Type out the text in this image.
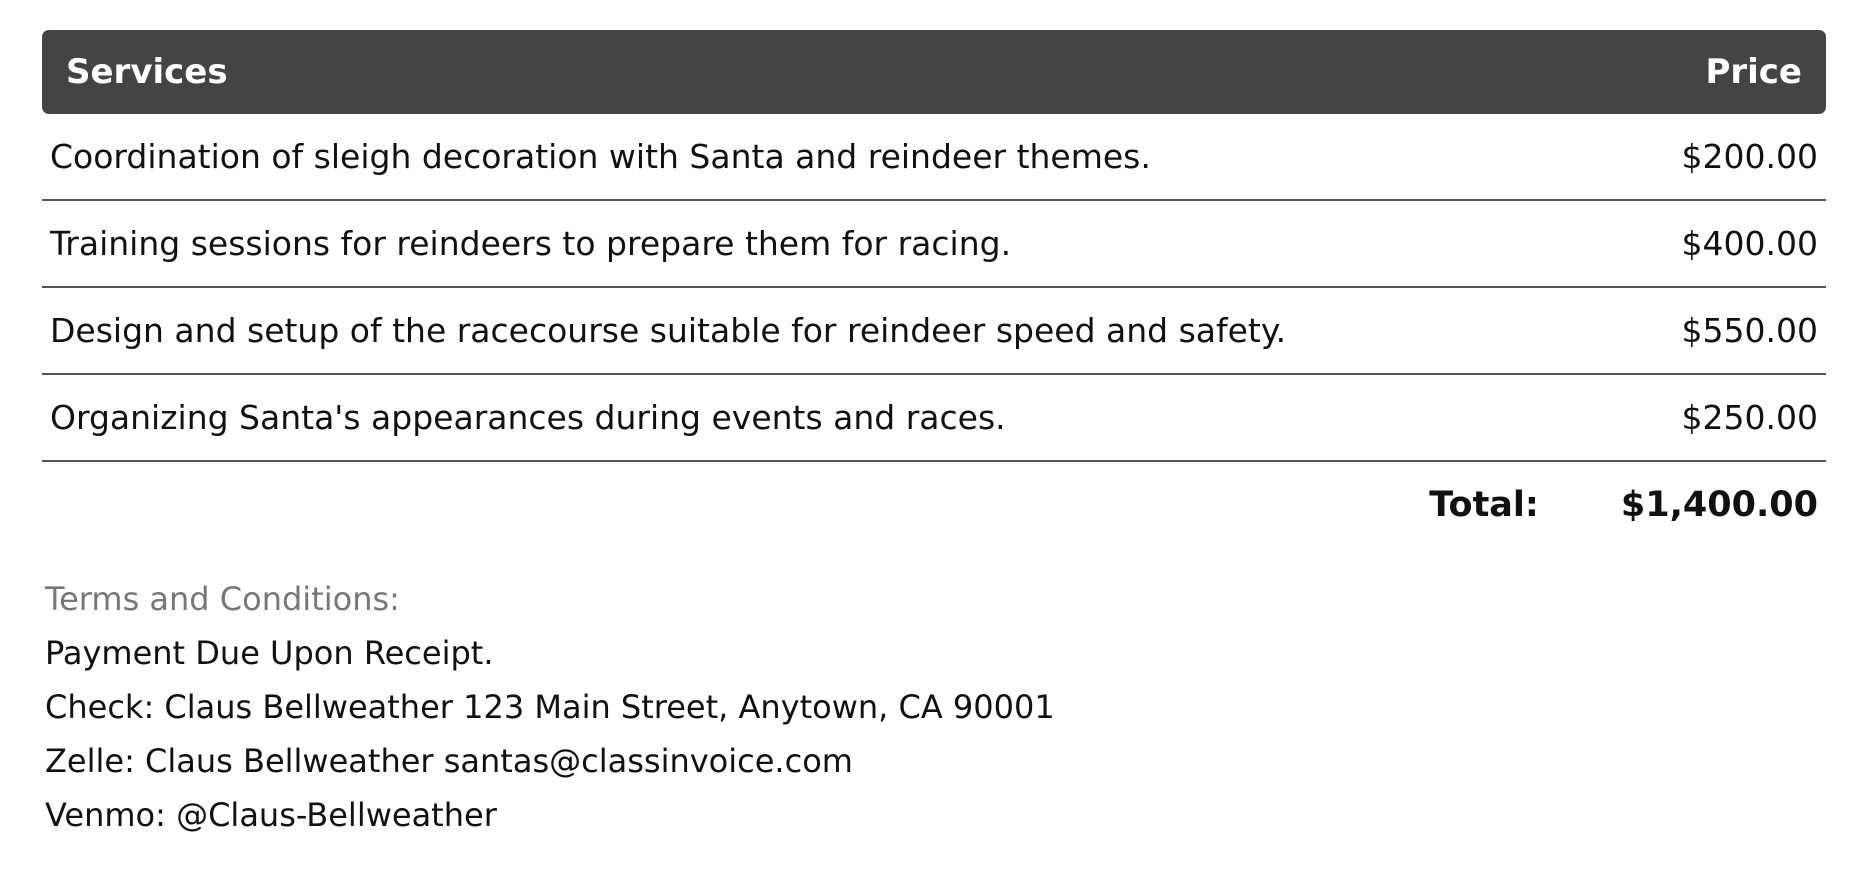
Services	Price
Coordination of sleigh decoration with Santa and reindeer themes.	$200.00
Training sessions for reindeers to prepare them for racing.	$400.00
Design and setup of the racecourse suitable for reindeer speed and safety.	$550.00
Organizing Santa's appearances during events and races.	$250.00
Total: $1,400.00
Terms and Conditions:
Payment Due Upon Receipt.
Check: Claus Bellweather 123 Main Street, Anytown, CA 90001
Zelle: Claus Bellweather santas@classinvoice.com
Venmo: @Claus-Bellweather
